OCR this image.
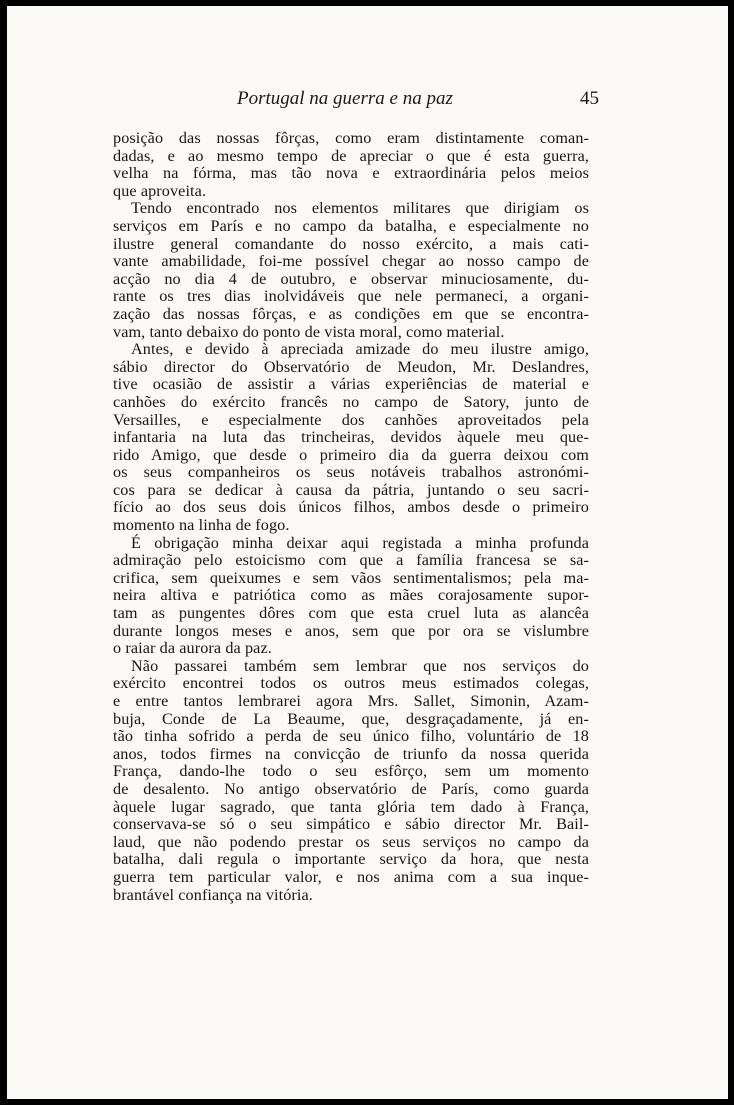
Portugal na guerra e na paz	45
posição das nossas fôrças, como eram distintamente coman-
dadas, e ao mesmo tempo de apreciar o que é esta guerra,
velha na fórma, mas tão nova e extraordinária pelos meios
que aproveita.
Tendo encontrado nos elementos militares que dirigiam os
serviços em París e no campo da batalha, e especialmente no
ilustre general comandante do nosso exército, a mais cati-
vante amabilidade, foi-me possível chegar ao nosso campo de
acção no dia 4 de outubro, e observar minuciosamente, du-
rante os tres dias inolvidáveis que nele permaneci, a organi-
zação das nossas fôrças, e as condições em que se encontra-
vam, tanto debaixo do ponto de vista moral, como material.
Antes, e devido à apreciada amizade do meu ilustre amigo,
sábio director do Observatório de Meudon, Mr. Deslandres,
tive ocasião de assistir a várias experiências de material e
canhões do exército francês no campo de Satory, junto de
Versailles, e especialmente dos canhões aproveitados pela
infantaria na luta das trincheiras, devidos àquele meu que-
rido Amigo, que desde o primeiro dia da guerra deixou com
os seus companheiros os seus notáveis trabalhos astronómi-
cos para se dedicar à causa da pátria, juntando o seu sacri-
fício ao dos seus dois únicos filhos, ambos desde o primeiro
momento na linha de fogo.
É obrigação minha deixar aqui registada a minha profunda
admiração pelo estoicismo com que a família francesa se sa-
crifica, sem queixumes e sem vãos sentimentalismos; pela ma-
neira altiva e patriótica como as mães corajosamente supor-
tam as pungentes dôres com que esta cruel luta as alancêa
durante longos meses e anos, sem que por ora se vislumbre
o raiar da aurora da paz.
Não passarei também sem lembrar que nos serviços do
exército encontrei todos os outros meus estimados colegas,
e entre tantos lembrarei agora Mrs. Sallet, Simonin, Azam-
buja, Conde de La Beaume, que, desgraçadamente, já en-
tão tinha sofrido a perda de seu único filho, voluntário de 18
anos, todos firmes na convicção de triunfo da nossa querida
França, dando-lhe todo o seu esfôrço, sem um momento
de desalento. No antigo observatório de París, como guarda
àquele lugar sagrado, que tanta glória tem dado à França,
conservava-se só o seu simpático e sábio director Mr. Bail-
laud, que não podendo prestar os seus serviços no campo da
batalha, dali regula o importante serviço da hora, que nesta
guerra tem particular valor, e nos anima com a sua inque-
brantável confiança na vitória.
